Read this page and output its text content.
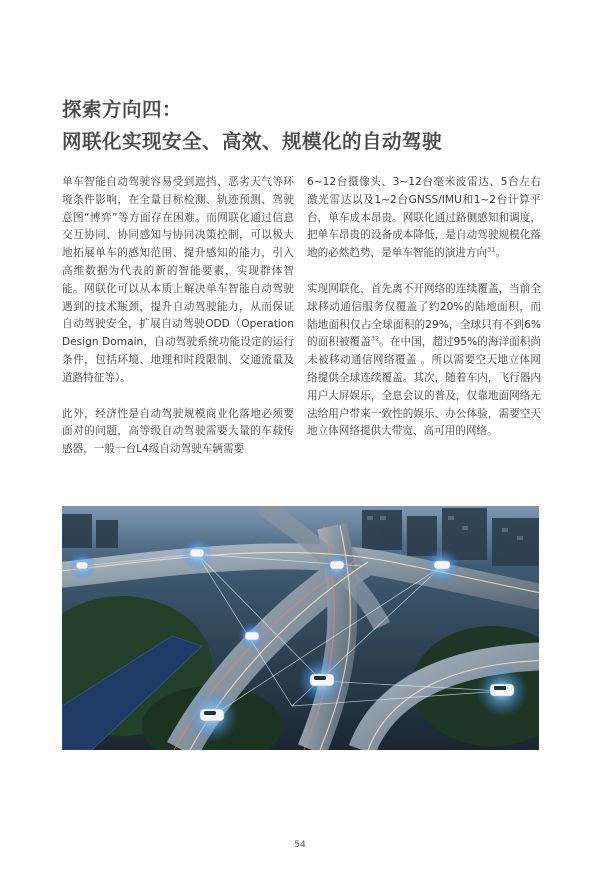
探索方向四：
网联化实现安全、高效、规模化的自动驾驶

单车智能自动驾驶容易受到遮挡、恶劣天气等环境条件影响，在全量目标检测、轨迹预测、驾驶意图“博弈”等方面存在困难。而网联化通过信息交互协同、协同感知与协同决策控制，可以极大地拓展单车的感知范围、提升感知的能力，引入高维数据为代表的新的智能要素，实现群体智能。网联化可以从本质上解决单车智能自动驾驶遇到的技术瓶颈，提升自动驾驶能力，从而保证自动驾驶安全，扩展自动驾驶ODD（Operation Design Domain，自动驾驶系统功能设定的运行条件，包括环境、地理和时段限制、交通流量及道路特征等）。

此外，经济性是自动驾驶规模商业化落地必须要面对的问题，高等级自动驾驶需要大量的车载传感器，一般一台L4级自动驾驶车辆需要

6~12台摄像头、3~12台毫米波雷达、5台左右激光雷达以及1~2台GNSS/IMU和1~2台计算平台，单车成本昂贵。网联化通过路侧感知和调度，把单车昂贵的设备成本降低，是自动驾驶规模化落地的必然趋势，是单车智能的演进方向$^{31}$。

实现网联化，首先离不开网络的连续覆盖，当前全球移动通信服务仅覆盖了约20%的陆地面积，而陆地面积仅占全球面积的29%，全球只有不到6%的面积被覆盖$^{32}$。在中国，超过95%的海洋面积尚未被移动通信网络覆盖 。所以需要空天地立体网络提供全球连续覆盖。其次，随着车内，飞行器内用户大屏娱乐，全息会议的普及，仅靠地面网络无法给用户带来一致性的娱乐、办公体验，需要空天地立体网络提供大带宽、高可用的网络。

54
